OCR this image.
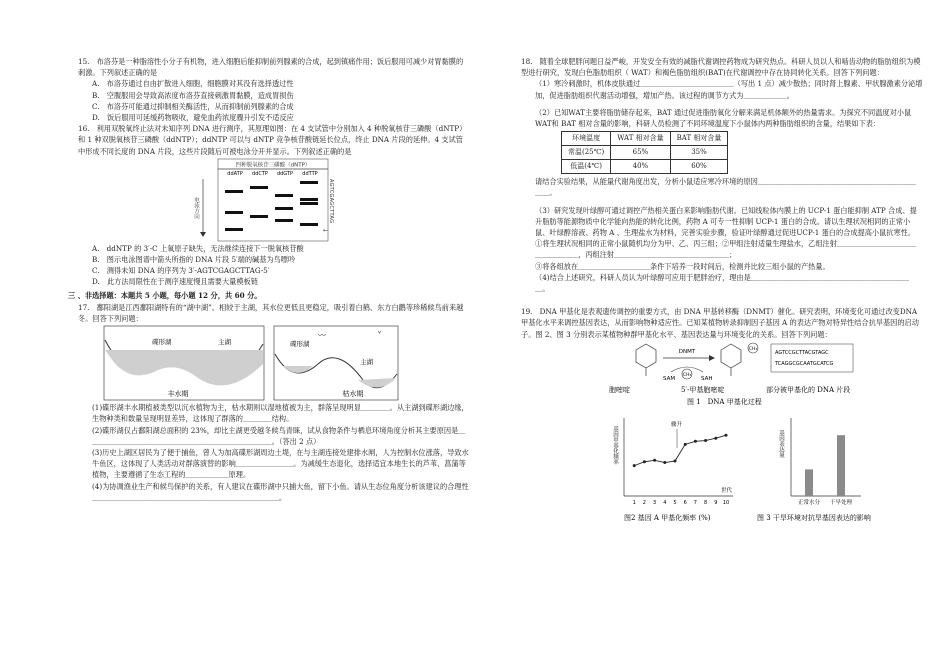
15.　布洛芬是一种脂溶性小分子有机物，进入细胞后能抑制前列腺素的合成，起到镇痛作用；饭后服用可减少对胃黏膜的刺激。下列叙述正确的是

A.　布洛芬通过自由扩散进入细胞，细胞膜对其没有选择透过性

B.　空腹服用会导致高浓度布洛芬直接刺激胃黏膜，造成胃损伤

C.　布洛芬可能通过抑制相关酶活性，从而抑制前列腺素的合成

D.　饭后服用可延缓药物吸收，避免血药浓度骤升引发不适反应

16.　利用双脱氧终止法对未知序列 DNA 进行测序，其原理如图：在 4 支试管中分别加入 4 种脱氧核苷三磷酸（dNTP）和 1 种双脱氧核苷三磷酸（ddNTP）；ddNTP 可以与 dNTP 竞争核苷酸链延长位点，终止 DNA 片段的延伸。4 支试管中形成不同长度的 DNA 片段，这些片段随后可被电泳分开并显示。下列叙述正确的是

四种脱氧核苷三磷酸（dNTP）
ddATP ddCTP ddGTP ddTTP
电泳方向
←
AGTCGAGCTTAG

A.　ddNTP 的 3′-C 上氧原子缺失，无法继续连接下一脱氧核苷酸

B.　图示电泳图谱中箭头所指的 DNA 片段 5′端的碱基为鸟嘌呤

C.　测得未知 DNA 的序列为 3′-AGTCGAGCTTAG-5′

D.　此方法局限性在于测序速度慢且需要大量模板链

三 、非选择题：本题共 5 小题，每小题 12 分，共 60 分。

17.　鄱阳湖是江西鄱阳湖特有的“湖中湖”。相较于主湖，其水位更低且更稳定，吸引着白鹤、东方白鹳等珍稀候鸟前来越冬。回答下列问题：

碟形湖	主湖
丰水期
碟形湖
主湖
枯水期
〰	ᵛ

(1)碟形湖丰水期植被类型以沉水植物为主，枯水期则以湿地植被为主，群落呈现明显＿＿＿＿。从主湖到碟形湖边缘，生物种类和数量呈现明显差异，这体现了群落的＿＿＿＿结构。

(2)碟形湖仅占鄱阳湖总面积的 23%，却比主湖更受越冬候鸟青睐，试从食物条件与栖息环境角度分析其主要原因是＿＿＿＿＿＿＿＿＿＿＿＿＿＿＿＿＿＿＿＿＿＿＿＿＿＿。（答出 2 点）

(3)历史上湖区居民为了便于捕鱼，曾人为加高碟形湖周边土堤，在与主湖连接处建排水闸，人为控制水位涨落，导致水牛鱼区，这体现了人类活动对群落演替的影响＿＿＿＿＿＿＿＿。为减缓生态退化，选择适宜本地生长的芦苇、菖蒲等植物，主要遵循了生态工程的＿＿＿＿＿＿原理。

(4)为协调渔业生产和候鸟保护的关系，有人建议在碟形湖中只捕大鱼，留下小鱼。请从生态位角度分析该建议的合理性＿＿＿＿＿＿＿＿＿＿＿＿＿＿＿＿＿＿＿＿＿＿＿＿＿＿。

18.　随着全球肥胖问题日益严峻，开发安全有效的减脂代谢调控药物成为研究热点。科研人员以人和啮齿动物的脂肪组织为模型进行研究，发现白色脂肪组织（ WAT）和褐色脂肪组织(BAT)在代谢调控中存在协同转化关系。回答下列问题：

（1）寒冷刺激时，机体皮肤通过＿＿＿＿＿＿＿＿＿＿＿＿＿（写出 1 点）减少散热；同时肾上腺素、甲状腺激素分泌增加，促进脂肪组织代谢活动增强，增加产热。该过程的调节方式为＿＿＿＿＿＿。

（2）已知WAT主要将脂肪储存起来，BAT 通过促进脂肪氧化分解来满足机体额外的热量需求。为探究不同温度对小鼠WAT和 BAT 相对含量的影响，科研人员检测了不同环境温度下小鼠体内两种脂肪组织的含量，结果如下表：

环境温度	WAT 相对含量	BAT 相对含量
常温(25℃)	65%	35%
低温(4℃)	40%	60%

请结合实验结果，从能量代谢角度出发，分析小鼠适应寒冷环境的原因＿＿＿＿＿＿＿＿＿＿＿＿＿＿＿＿＿＿＿＿＿＿＿＿。

（3）研究发现叶绿醇可通过调控产热相关蛋白来影响脂肪代谢。已知线粒体内膜上的 UCP-1 蛋白能抑制 ATP 合成、提升脂肪等能源物质中化学能向热能的转化比例，药物 A 可专一性抑制 UCP-1 蛋白的合成。请以生理状况相同的正常小鼠、叶绿醇溶液、药物 A 、生理盐水为材料，完善实验步骤，验证叶绿醇通过促进UCP-1 蛋白的合成提高小鼠抗寒性。

①将生理状况相同的正常小鼠随机均分为甲、乙、丙三组；②甲组注射适量生理盐水，乙组注射＿＿＿＿＿＿＿＿＿＿＿＿＿＿＿＿＿，丙组注射＿＿＿＿＿＿＿＿＿＿＿＿＿＿＿＿；

③将各组放在＿＿＿＿＿＿＿＿＿＿条件下培养一段时间后，检测并比较三组小鼠的产热量。

（4)结合上述研究，科研人员认为叶绿醇可应用于肥胖治疗，理由是＿＿＿＿＿＿＿＿＿＿＿＿＿＿＿＿＿＿＿＿＿＿＿。

19.　DNA 甲基化是表观遗传调控的重要方式，由 DNA 甲基转移酶（DNMT）催化。研究表明，环境变化可通过改变DNA 甲基化水平来调控基因表达，从而影响物种适应性。已知某植物转录抑制因子基因 A 的表达产物对特异性结合抗旱基因的启动子。图 2、图 3 分别表示某植物种群甲基化水平、基因表达量与环境变化的关系。回答下列问题：

DNMT
SAM	SAH
CH₃
CH₃
AGTCCGCTTACGTAGC
TCAGGCGCAATGCATCG
胞嘧啶	5′-甲基胞嘧啶	部分被甲基化的 DNA 片段
图 1　DNA 甲基化过程
基因甲基化频率
骤升
世代
1 2 3 4 5 6 7 8 9 10
图2 基因 A 甲基化频率 (%)
基因表达量
正常水分 干旱处理
图 3 干旱环境对抗旱基因表达的影响
